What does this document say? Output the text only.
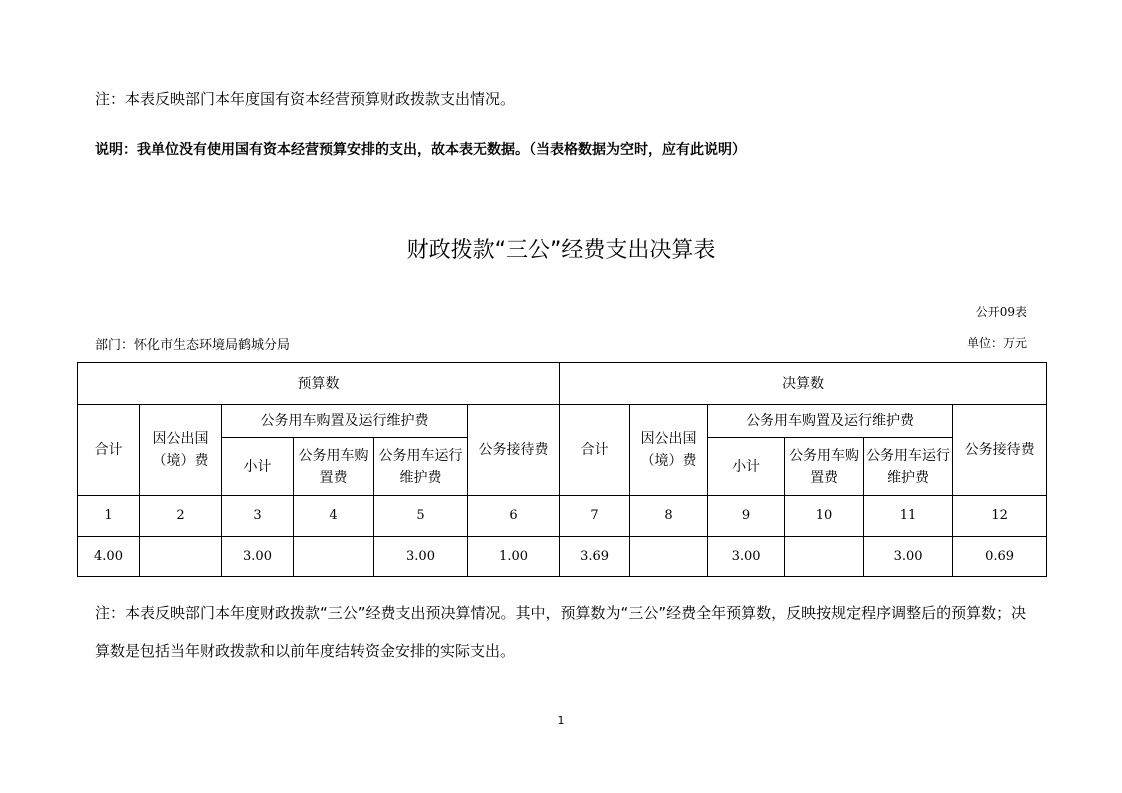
注：本表反映部门本年度国有资本经营预算财政拨款支出情况。
说明：我单位没有使用国有资本经营预算安排的支出，故本表无数据。（当表格数据为空时，应有此说明）
财政拨款“三公”经费支出决算表
公开09表
部门：怀化市生态环境局鹤城分局	单位：万元
预算数						决算数					
合计	因公出国（境）费	公务用车购置及运行维护费			公务接待费	合计	因公出国（境）费	公务用车购置及运行维护费			公务接待费
		小计	公务用车购置费	公务用车运行维护费				小计	公务用车购置费	公务用车运行维护费	
1	2	3	4	5	6	7	8	9	10	11	12
4.00		3.00		3.00	1.00	3.69		3.00		3.00	0.69
注：本表反映部门本年度财政拨款“三公”经费支出预决算情况。其中，预算数为“三公”经费全年预算数，反映按规定程序调整后的预算数；决算数是包括当年财政拨款和以前年度结转资金安排的实际支出。
1
